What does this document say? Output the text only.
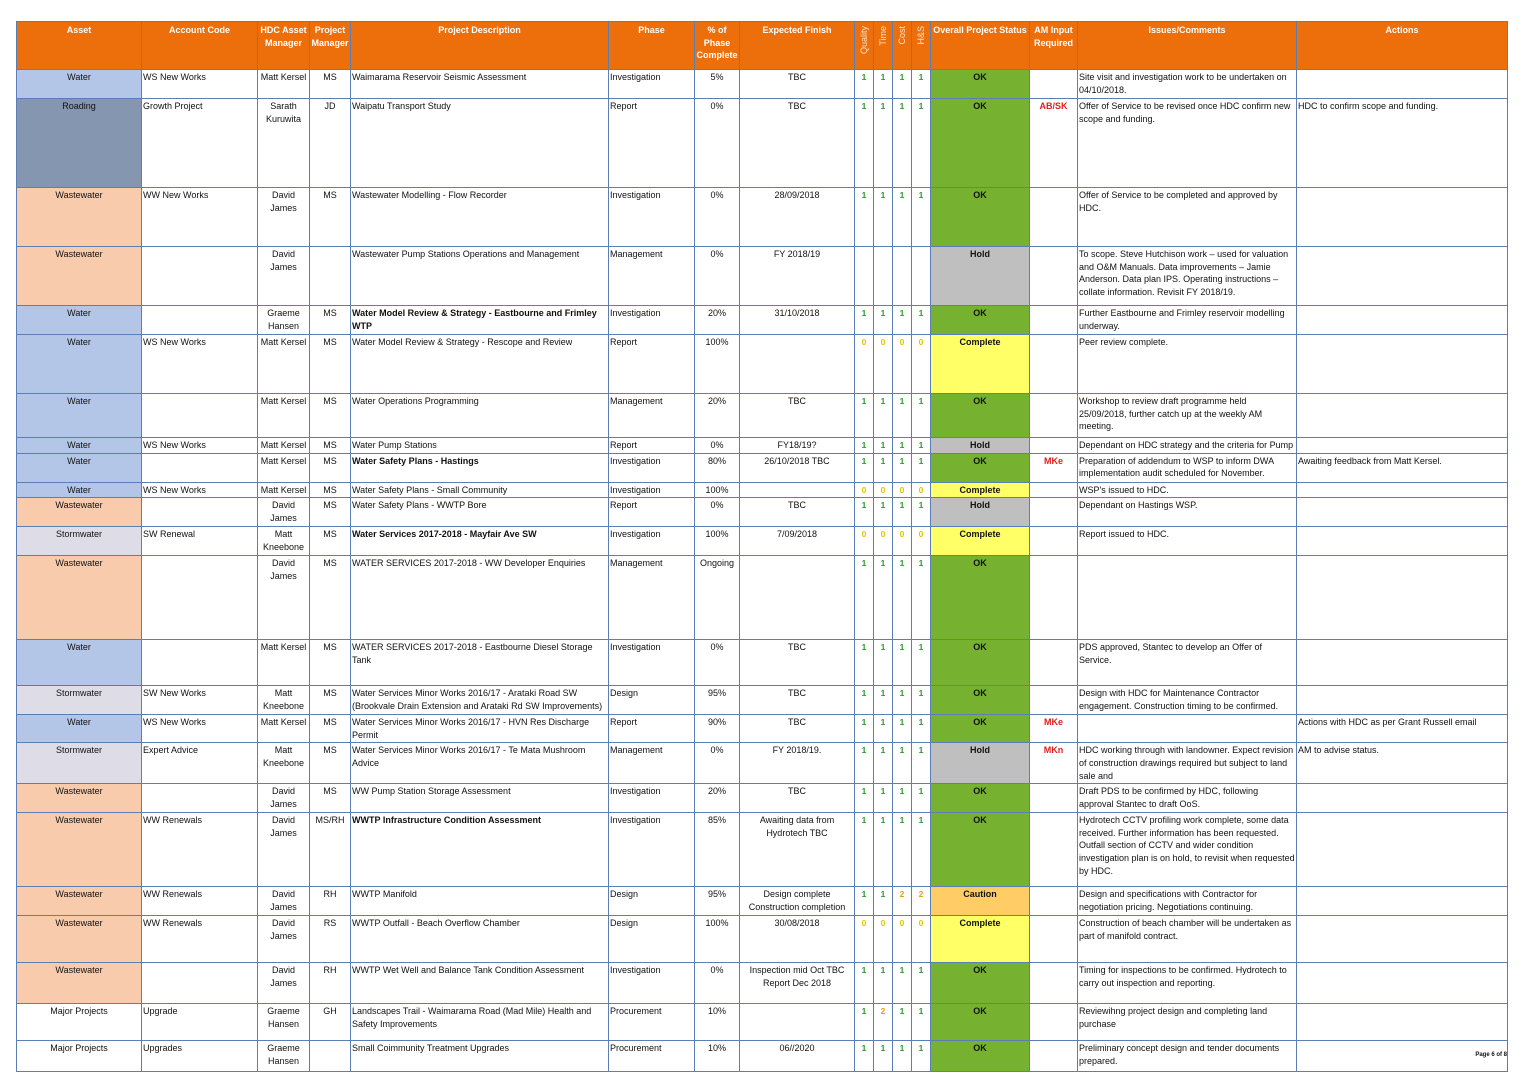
Asset	Account Code	HDC Asset Manager	Project Manager	Project Description	Phase	% of Phase Complete	Expected Finish	Quality	Time	Cost	H&S	Overall Project Status	AM Input Required	Issues/Comments	Actions
Water	WS New Works	Matt Kersel	MS	Waimarama Reservoir Seismic Assessment	Investigation	5%	TBC	1	1	1	1	OK		Site visit and investigation work to be undertaken on 04/10/2018.	
Roading	Growth Project	Sarath Kuruwita	JD	Waipatu Transport Study	Report	0%	TBC	1	1	1	1	OK	AB/SK	Offer of Service to be revised once HDC confirm new scope and funding.	HDC to confirm scope and funding.
Wastewater	WW New Works	David James	MS	Wastewater Modelling - Flow Recorder	Investigation	0%	28/09/2018	1	1	1	1	OK		Offer of Service to be completed and approved by HDC.	
Wastewater		David James		Wastewater Pump Stations Operations and Management	Management	0%	FY 2018/19					Hold		To scope. Steve Hutchison work – used for valuation and O&M Manuals. Data improvements – Jamie Anderson. Data plan IPS. Operating instructions – collate information. Revisit FY 2018/19.	
Water		Graeme Hansen	MS	Water Model Review & Strategy - Eastbourne and Frimley WTP	Investigation	20%	31/10/2018	1	1	1	1	OK		Further Eastbourne and Frimley reservoir modelling underway.	
Water	WS New Works	Matt Kersel	MS	Water Model Review & Strategy - Rescope and Review	Report	100%		0	0	0	0	Complete		Peer review complete.	
Water		Matt Kersel	MS	Water Operations Programming	Management	20%	TBC	1	1	1	1	OK		Workshop to review draft programme held 25/09/2018, further catch up at the weekly AM meeting.	
Water	WS New Works	Matt Kersel	MS	Water Pump Stations	Report	0%	FY18/19?	1	1	1	1	Hold		Dependant on HDC strategy and the criteria for Pump	
Water		Matt Kersel	MS	Water Safety Plans - Hastings	Investigation	80%	26/10/2018 TBC	1	1	1	1	OK	MKe	Preparation of addendum to WSP to inform DWA implementation audit scheduled for November.	Awaiting feedback from Matt Kersel.
Water	WS New Works	Matt Kersel	MS	Water Safety Plans - Small Community	Investigation	100%		0	0	0	0	Complete		WSP's issued to HDC.	
Wastewater		David James	MS	Water Safety Plans - WWTP Bore	Report	0%	TBC	1	1	1	1	Hold		Dependant on Hastings WSP.	
Stormwater	SW Renewal	Matt Kneebone	MS	Water Services 2017-2018 - Mayfair Ave SW	Investigation	100%	7/09/2018	0	0	0	0	Complete		Report issued to HDC.	
Wastewater		David James	MS	WATER SERVICES 2017-2018 - WW Developer Enquiries	Management	Ongoing		1	1	1	1	OK			
Water		Matt Kersel	MS	WATER SERVICES 2017-2018 - Eastbourne Diesel Storage Tank	Investigation	0%	TBC	1	1	1	1	OK		PDS approved, Stantec to develop an Offer of Service.	
Stormwater	SW New Works	Matt Kneebone	MS	Water Services Minor Works 2016/17 - Arataki Road SW (Brookvale Drain Extension and Arataki Rd SW Improvements)	Design	95%	TBC	1	1	1	1	OK		Design with HDC for Maintenance Contractor engagement. Construction timing to be confirmed.	
Water	WS New Works	Matt Kersel	MS	Water Services Minor Works 2016/17 - HVN Res Discharge Permit	Report	90%	TBC	1	1	1	1	OK	MKe		Actions with HDC as per Grant Russell email
Stormwater	Expert Advice	Matt Kneebone	MS	Water Services Minor Works 2016/17 - Te Mata Mushroom Advice	Management	0%	FY 2018/19.	1	1	1	1	Hold	MKn	HDC working through with landowner. Expect revision of construction drawings required but subject to land sale and	AM to advise status.
Wastewater		David James	MS	WW Pump Station Storage Assessment	Investigation	20%	TBC	1	1	1	1	OK		Draft PDS to be confirmed by HDC, following approval Stantec to draft OoS.	
Wastewater	WW Renewals	David James	MS/RH	WWTP Infrastructure Condition Assessment	Investigation	85%	Awaiting data from Hydrotech TBC	1	1	1	1	OK		Hydrotech CCTV profiling work complete, some data received. Further information has been requested. Outfall section of CCTV and wider condition investigation plan is on hold, to revisit when requested by HDC.	
Wastewater	WW Renewals	David James	RH	WWTP Manifold	Design	95%	Design complete Construction completion	1	1	2	2	Caution		Design and specifications with Contractor for negotiation pricing. Negotiations continuing.	
Wastewater	WW Renewals	David James	RS	WWTP Outfall - Beach Overflow Chamber	Design	100%	30/08/2018	0	0	0	0	Complete		Construction of beach chamber will be undertaken as part of manifold contract.	
Wastewater		David James	RH	WWTP Wet Well and Balance Tank Condition Assessment	Investigation	0%	Inspection mid Oct TBC Report Dec 2018	1	1	1	1	OK		Timing for inspections to be confirmed. Hydrotech to carry out inspection and reporting.	
Major Projects	Upgrade	Graeme Hansen	GH	Landscapes Trail - Waimarama Road (Mad Mile) Health and Safety Improvements	Procurement	10%		1	2	1	1	OK		Reviewihng project design and completing land purchase	
Major Projects	Upgrades	Graeme Hansen		Small Coimmunity Treatment Upgrades	Procurement	10%	06//2020	1	1	1	1	OK		Preliminary concept design and tender documents prepared.	
Page 6 of 8
